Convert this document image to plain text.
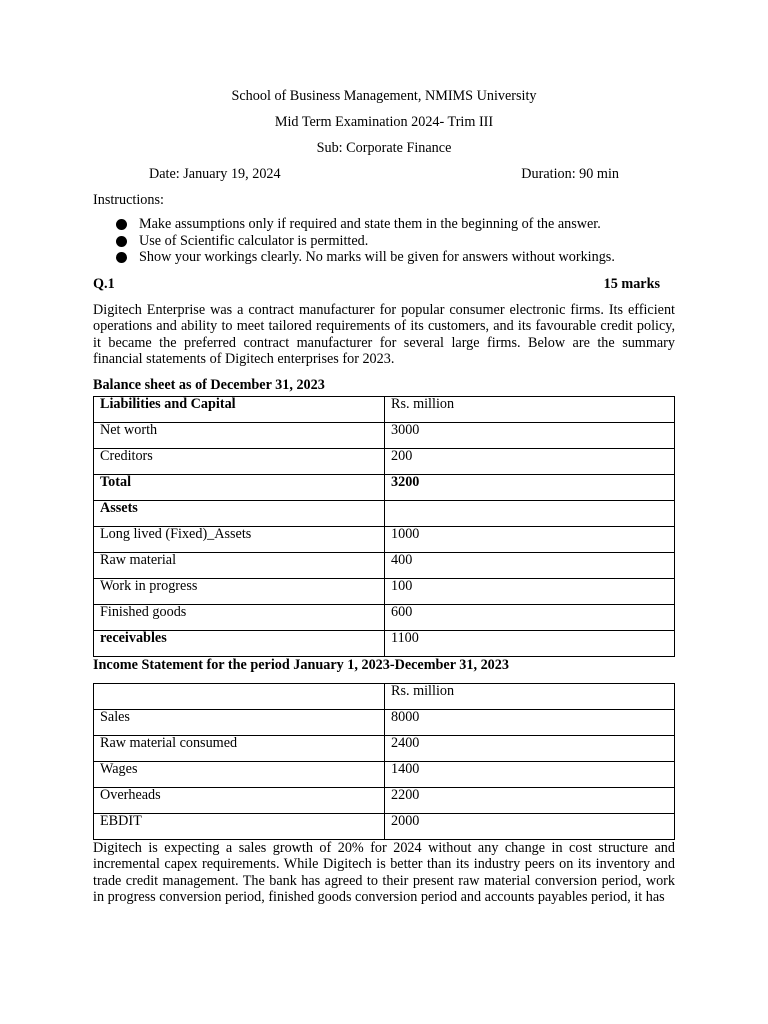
School of Business Management, NMIMS University
Mid Term Examination 2024- Trim III
Sub: Corporate Finance
Date: January 19, 2024	Duration: 90 min
Instructions:
Make assumptions only if required and state them in the beginning of the answer.
Use of Scientific calculator is permitted.
Show your workings clearly. No marks will be given for answers without workings.
Q.1	15 marks

Digitech Enterprise was a contract manufacturer for popular consumer electronic firms. Its efficient operations and ability to meet tailored requirements of its customers, and its favourable credit policy, it became the preferred contract manufacturer for several large firms. Below are the summary financial statements of Digitech enterprises for 2023.

Balance sheet as of December 31, 2023
Liabilities and Capital	Rs. million
Net worth	3000
Creditors	200
Total	3200
Assets	
Long lived (Fixed)_Assets	1000
Raw material	400
Work in progress	100
Finished goods	600
receivables	1100
Income Statement for the period January 1, 2023-December 31, 2023
	Rs. million
Sales	8000
Raw material consumed	2400
Wages	1400
Overheads	2200
EBDIT	2000

Digitech is expecting a sales growth of 20% for 2024 without any change in cost structure and incremental capex requirements. While Digitech is better than its industry peers on its inventory and trade credit management. The bank has agreed to their present raw material conversion period, work in progress conversion period, finished goods conversion period and accounts payables period, it has
